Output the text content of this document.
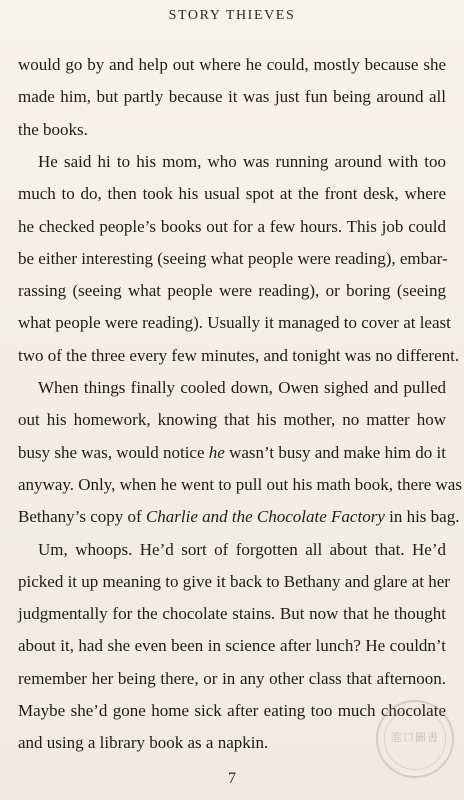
STORY THIEVES
would go by and help out where he could, mostly because she
made him, but partly because it was just fun being around all
the books.
He said hi to his mom, who was running around with too
much to do, then took his usual spot at the front desk, where
he checked people’s books out for a few hours. This job could
be either interesting (seeing what people were reading), embar-
rassing (seeing what people were reading), or boring (seeing
what people were reading). Usually it managed to cover at least
two of the three every few minutes, and tonight was no different.
When things finally cooled down, Owen sighed and pulled
out his homework, knowing that his mother, no matter how
busy she was, would notice he wasn’t busy and make him do it
anyway. Only, when he went to pull out his math book, there was
Bethany’s copy of Charlie and the Chocolate Factory in his bag.
Um, whoops. He’d sort of forgotten all about that. He’d
picked it up meaning to give it back to Bethany and glare at her
judgmentally for the chocolate stains. But now that he thought
about it, had she even been in science after lunch? He couldn’t
remember her being there, or in any other class that afternoon.
Maybe she’d gone home sick after eating too much chocolate
and using a library book as a napkin.
7
進口圖書
